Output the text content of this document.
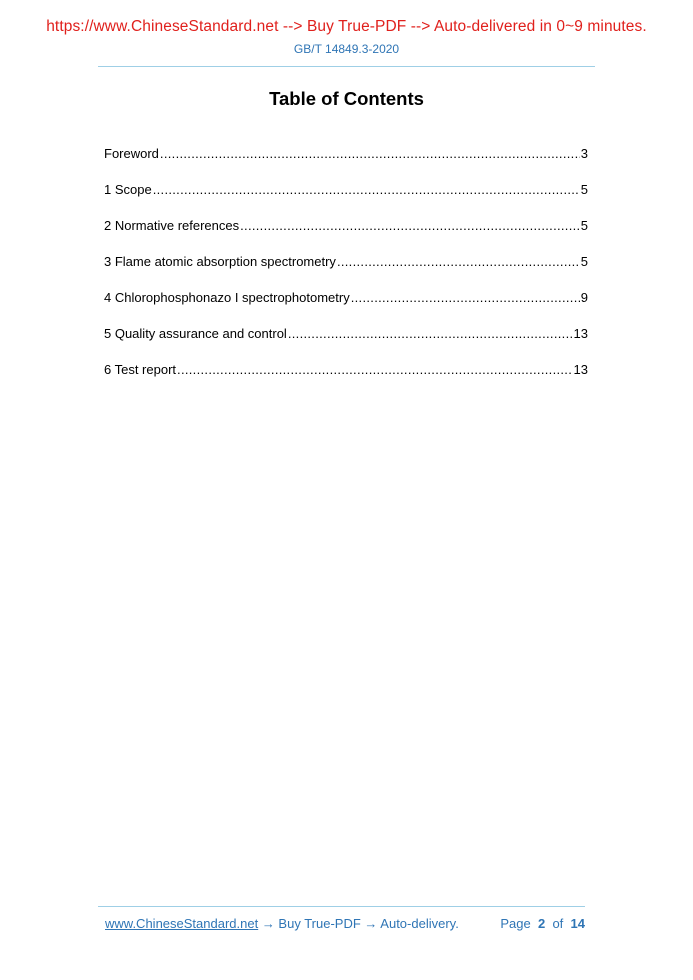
https://www.ChineseStandard.net --> Buy True-PDF --> Auto-delivered in 0~9 minutes.
GB/T 14849.3-2020
Table of Contents
Foreword .....	3
1 Scope .....	5
2 Normative references .....	5
3 Flame atomic absorption spectrometry .....	5
4 Chlorophosphonazo I spectrophotometry .....	9
5 Quality assurance and control .....	13
6 Test report .....	13
www.ChineseStandard.net → Buy True-PDF → Auto-delivery.	Page 2 of 14
